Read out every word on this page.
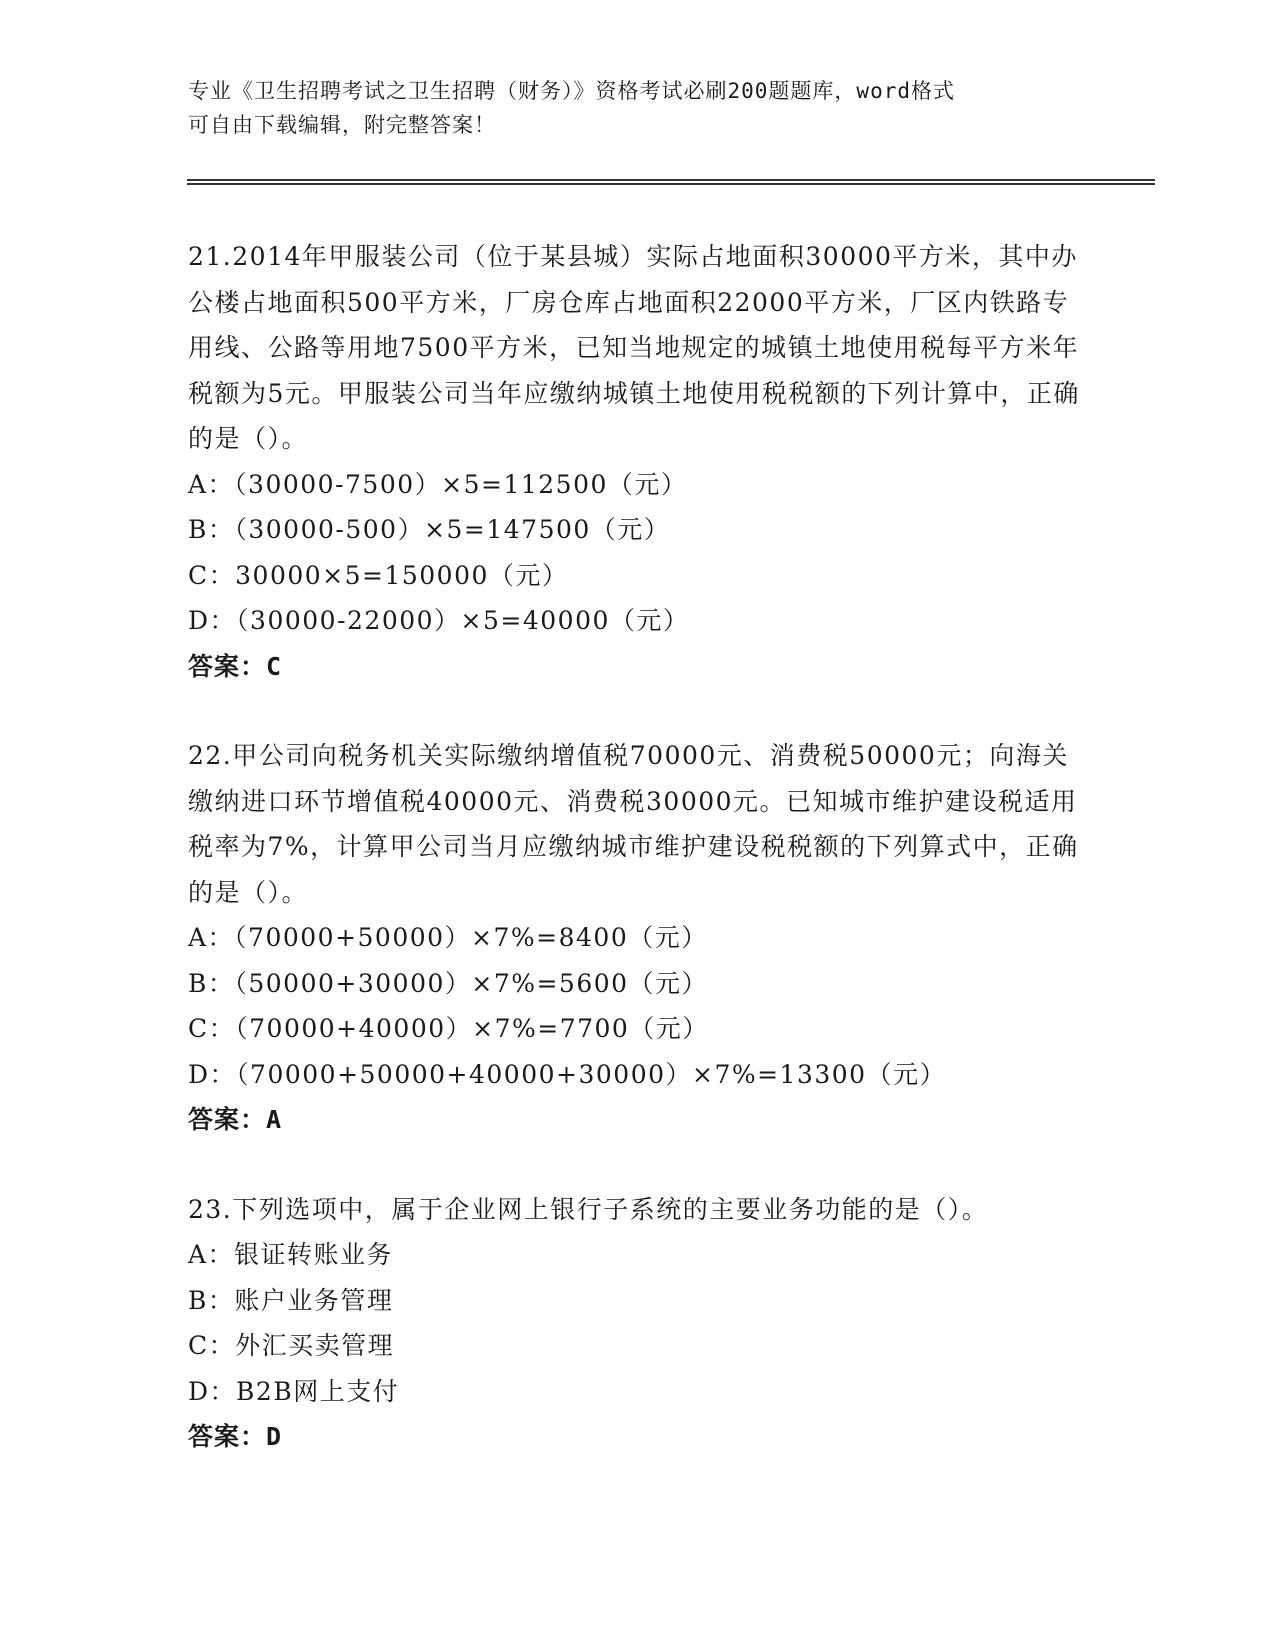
专业《卫生招聘考试之卫生招聘（财务）》资格考试必刷200题题库，word格式
可自由下载编辑，附完整答案！

21.2014年甲服装公司（位于某县城）实际占地面积30000平方米，其中办公楼占地面积500平方米，厂房仓库占地面积22000平方米，厂区内铁路专用线、公路等用地7500平方米，已知当地规定的城镇土地使用税每平方米年税额为5元。甲服装公司当年应缴纳城镇土地使用税税额的下列计算中，正确的是（）。

A：（30000-7500）×5=112500（元）

B：（30000-500）×5=147500（元）

C：30000×5=150000（元）

D：（30000-22000）×5=40000（元）

答案：C

22.甲公司向税务机关实际缴纳增值税70000元、消费税50000元；向海关缴纳进口环节增值税40000元、消费税30000元。已知城市维护建设税适用税率为7%，计算甲公司当月应缴纳城市维护建设税税额的下列算式中，正确的是（）。

A：（70000+50000）×7%=8400（元）

B：（50000+30000）×7%=5600（元）

C：（70000+40000）×7%=7700（元）

D：（70000+50000+40000+30000）×7%=13300（元）

答案：A

23.下列选项中，属于企业网上银行子系统的主要业务功能的是（）。

A：银证转账业务

B：账户业务管理

C：外汇买卖管理

D：B2B网上支付

答案：D
